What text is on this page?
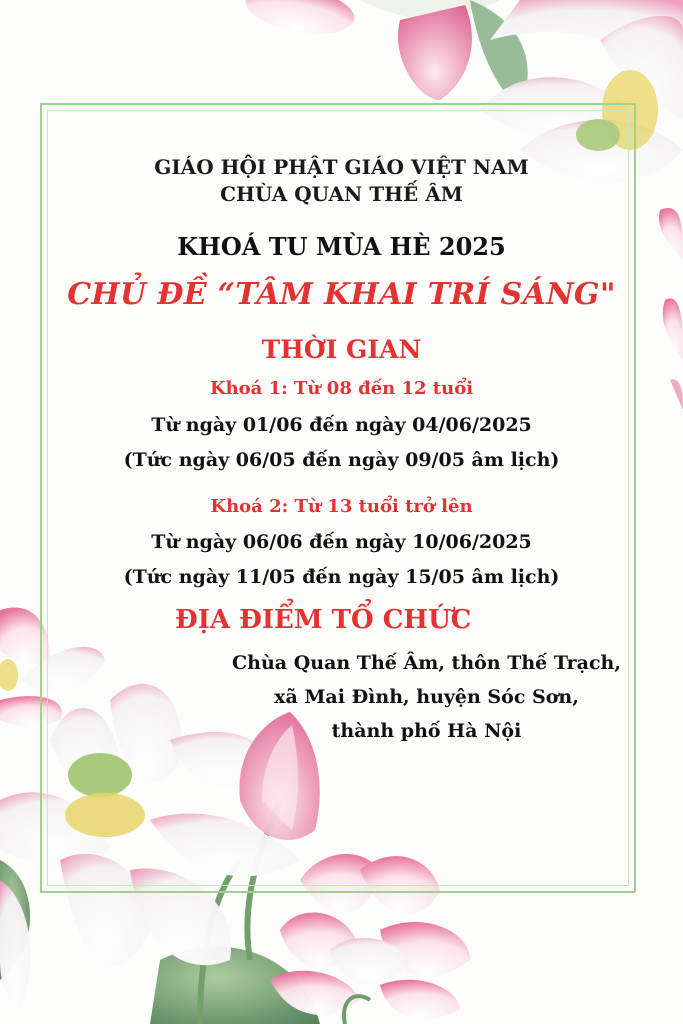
GIÁO HỘI PHẬT GIÁO VIỆT NAM
CHÙA QUAN THẾ ÂM
KHOÁ TU MÙA HÈ 2025
CHỦ ĐỀ “TÂM KHAI TRÍ SÁNG"
THỜI GIAN
Khoá 1: Từ 08 đến 12 tuổi
Từ ngày 01/06 đến ngày 04/06/2025
(Tức ngày 06/05 đến ngày 09/05 âm lịch)
Khoá 2: Từ 13 tuổi trở lên
Từ ngày 06/06 đến ngày 10/06/2025
(Tức ngày 11/05 đến ngày 15/05 âm lịch)
ĐỊA ĐIỂM TỔ CHỨC
Chùa Quan Thế Âm, thôn Thế Trạch,
xã Mai Đình, huyện Sóc Sơn,
thành phố Hà Nội
